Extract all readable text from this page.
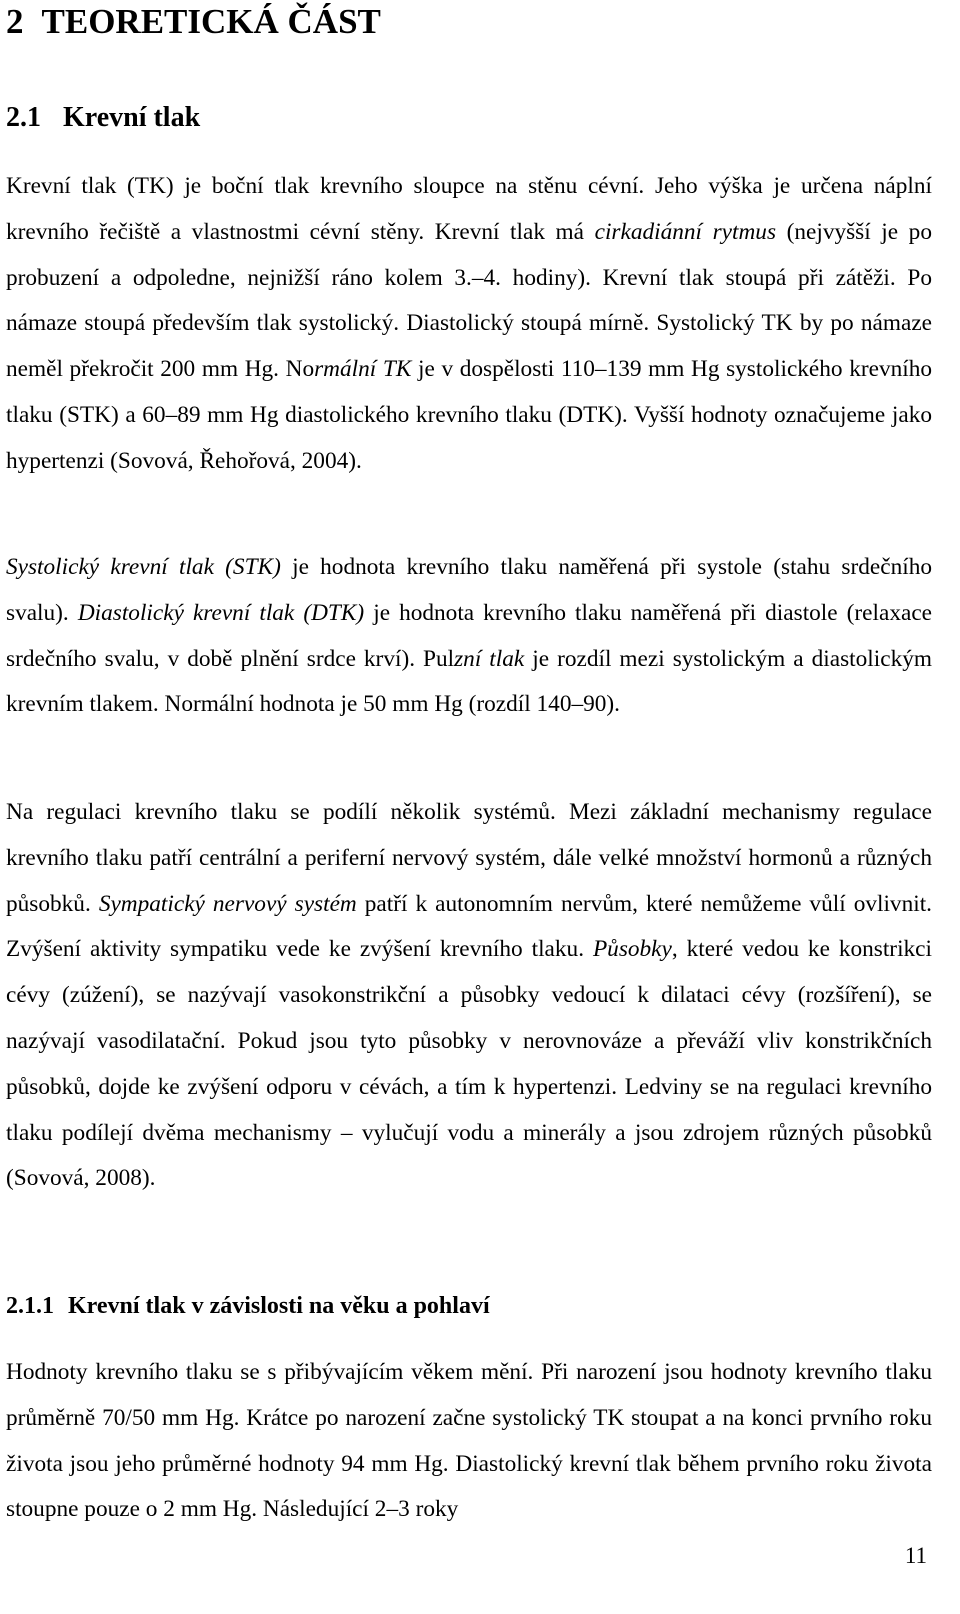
2 TEORETICKÁ ČÁST
2.1 Krevní tlak

Krevní tlak (TK) je boční tlak krevního sloupce na stěnu cévní. Jeho výška je určena náplní krevního řečiště a vlastnostmi cévní stěny. Krevní tlak má cirkadiánní rytmus (nejvyšší je po probuzení a odpoledne, nejnižší ráno kolem 3.–4. hodiny). Krevní tlak stoupá při zátěži. Po námaze stoupá především tlak systolický. Diastolický stoupá mírně. Systolický TK by po námaze neměl překročit 200 mm Hg. Normální TK je v dospělosti 110–139 mm Hg systolického krevního tlaku (STK) a 60–89 mm Hg diastolického krevního tlaku (DTK). Vyšší hodnoty označujeme jako hypertenzi (Sovová, Řehořová, 2004).

Systolický krevní tlak (STK) je hodnota krevního tlaku naměřená při systole (stahu srdečního svalu). Diastolický krevní tlak (DTK) je hodnota krevního tlaku naměřená při diastole (relaxace srdečního svalu, v době plnění srdce krví). Pulzní tlak je rozdíl mezi systolickým a diastolickým krevním tlakem. Normální hodnota je 50 mm Hg (rozdíl 140–90).

Na regulaci krevního tlaku se podílí několik systémů. Mezi základní mechanismy regulace krevního tlaku patří centrální a periferní nervový systém, dále velké množství hormonů a různých působků. Sympatický nervový systém patří k autonomním nervům, které nemůžeme vůlí ovlivnit. Zvýšení aktivity sympatiku vede ke zvýšení krevního tlaku. Působky, které vedou ke konstrikci cévy (zúžení), se nazývají vasokonstrikční a působky vedoucí k dilataci cévy (rozšíření), se nazývají vasodilatační. Pokud jsou tyto působky v nerovnováze a převáží vliv konstrikčních působků, dojde ke zvýšení odporu v cévách, a tím k hypertenzi. Ledviny se na regulaci krevního tlaku podílejí dvěma mechanismy – vylučují vodu a minerály a jsou zdrojem různých působků (Sovová, 2008).

2.1.1 Krevní tlak v závislosti na věku a pohlaví

Hodnoty krevního tlaku se s přibývajícím věkem mění. Při narození jsou hodnoty krevního tlaku průměrně 70/50 mm Hg. Krátce po narození začne systolický TK stoupat a na konci prvního roku života jsou jeho průměrné hodnoty 94 mm Hg. Diastolický krevní tlak během prvního roku života stoupne pouze o 2 mm Hg. Následující 2–3 roky

11
